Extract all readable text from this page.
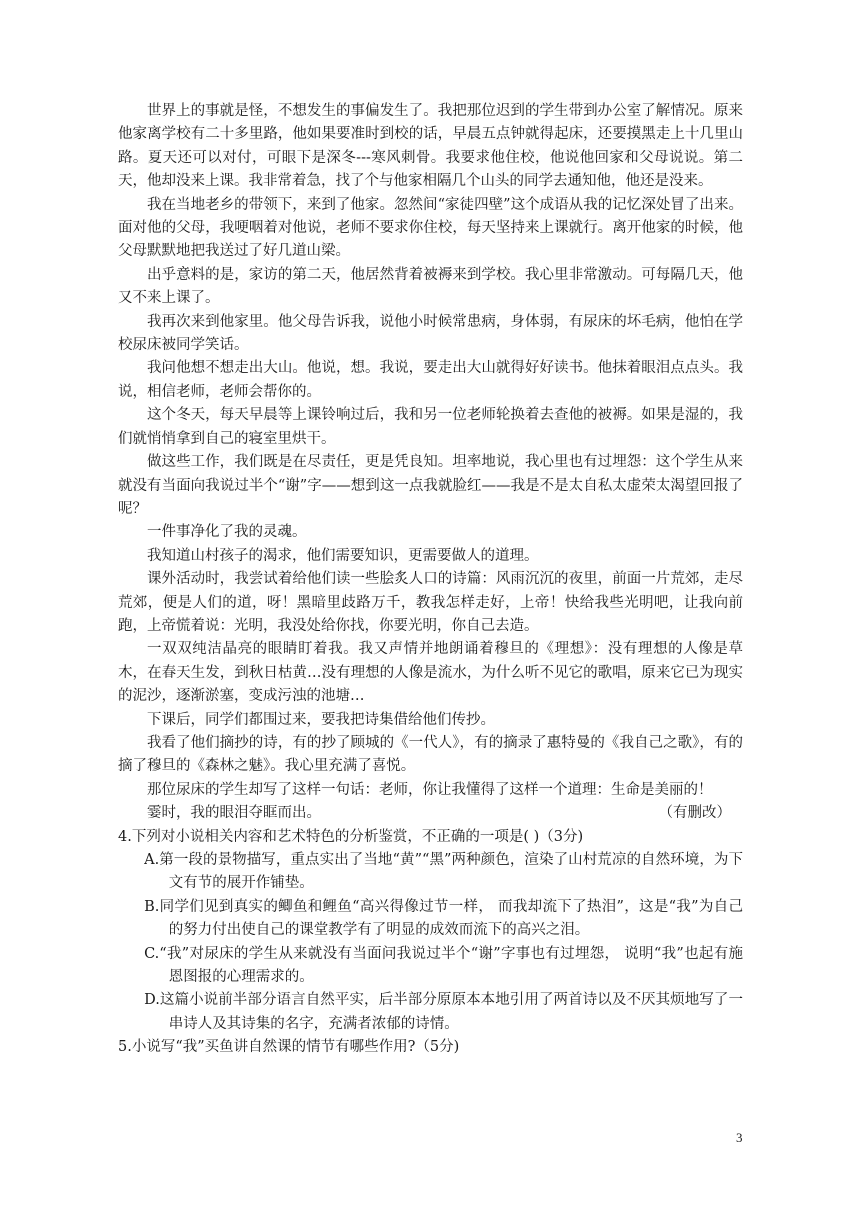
世界上的事就是怪，不想发生的事偏发生了。我把那位迟到的学生带到办公室了解情况。原来他家离学校有二十多里路，他如果要准时到校的话，早晨五点钟就得起床，还要摸黑走上十几里山路。夏天还可以对付，可眼下是深冬---寒风刺骨。我要求他住校，他说他回家和父母说说。第二天，他却没来上课。我非常着急，找了个与他家相隔几个山头的同学去通知他，他还是没来。

我在当地老乡的带领下，来到了他家。忽然间“家徒四壁”这个成语从我的记忆深处冒了出来。面对他的父母，我哽咽着对他说，老师不要求你住校，每天坚持来上课就行。离开他家的时候，他父母默默地把我送过了好几道山梁。

出乎意料的是，家访的第二天，他居然背着被褥来到学校。我心里非常激动。可每隔几天，他又不来上课了。

我再次来到他家里。他父母告诉我，说他小时候常患病，身体弱，有尿床的坏毛病，他怕在学校尿床被同学笑话。

我问他想不想走出大山。他说，想。我说，要走出大山就得好好读书。他抹着眼泪点点头。我说，相信老师，老师会帮你的。

这个冬天，每天早晨等上课铃响过后，我和另一位老师轮换着去查他的被褥。如果是湿的，我们就悄悄拿到自己的寝室里烘干。

做这些工作，我们既是在尽责任，更是凭良知。坦率地说，我心里也有过埋怨：这个学生从来就没有当面向我说过半个“谢”字——想到这一点我就脸红——我是不是太自私太虚荣太渴望回报了呢？

一件事净化了我的灵魂。

我知道山村孩子的渴求，他们需要知识，更需要做人的道理。

课外活动时，我尝试着给他们读一些脍炙人口的诗篇：风雨沉沉的夜里，前面一片荒郊，走尽荒郊，便是人们的道，呀！黑暗里歧路万千，教我怎样走好，上帝！快给我些光明吧，让我向前跑，上帝慌着说：光明，我没处给你找，你要光明，你自己去造。

一双双纯洁晶亮的眼睛盯着我。我又声情并地朗诵着穆旦的《理想》：没有理想的人像是草木，在春天生发，到秋日枯黄…没有理想的人像是流水，为什么听不见它的歌唱，原来它已为现实的泥沙，逐渐淤塞，变成污浊的池塘…

下课后，同学们都围过来，要我把诗集借给他们传抄。

我看了他们摘抄的诗，有的抄了顾城的《一代人》，有的摘录了惠特曼的《我自己之歌》，有的摘了穆旦的《森林之魅》。我心里充满了喜悦。

那位尿床的学生却写了这样一句话：老师，你让我懂得了这样一个道理：生命是美丽的！

霎时，我的眼泪夺眶而出。	（有删改）

4.下列对小说相关内容和艺术特色的分析鉴赏，不正确的一项是( )（3分)

A.第一段的景物描写，重点实出了当地“黄”“黑”两种颜色，渲染了山村荒凉的自然环境，为下文有节的展开作铺垫。

B.同学们见到真实的鲫鱼和鲤鱼“高兴得像过节一样， 而我却流下了热泪”，这是“我”为自己的努力付出使自己的课堂教学有了明显的成效而流下的高兴之泪。

C.“我”对尿床的学生从来就没有当面问我说过半个“谢”字事也有过埋怨， 说明“我”也起有施恩图报的心理需求的。

D.这篇小说前半部分语言自然平实，后半部分原原本本地引用了两首诗以及不厌其烦地写了一串诗人及其诗集的名字，充满者浓郁的诗情。

5.小说写“我”买鱼讲自然课的情节有哪些作用?（5分)

3
